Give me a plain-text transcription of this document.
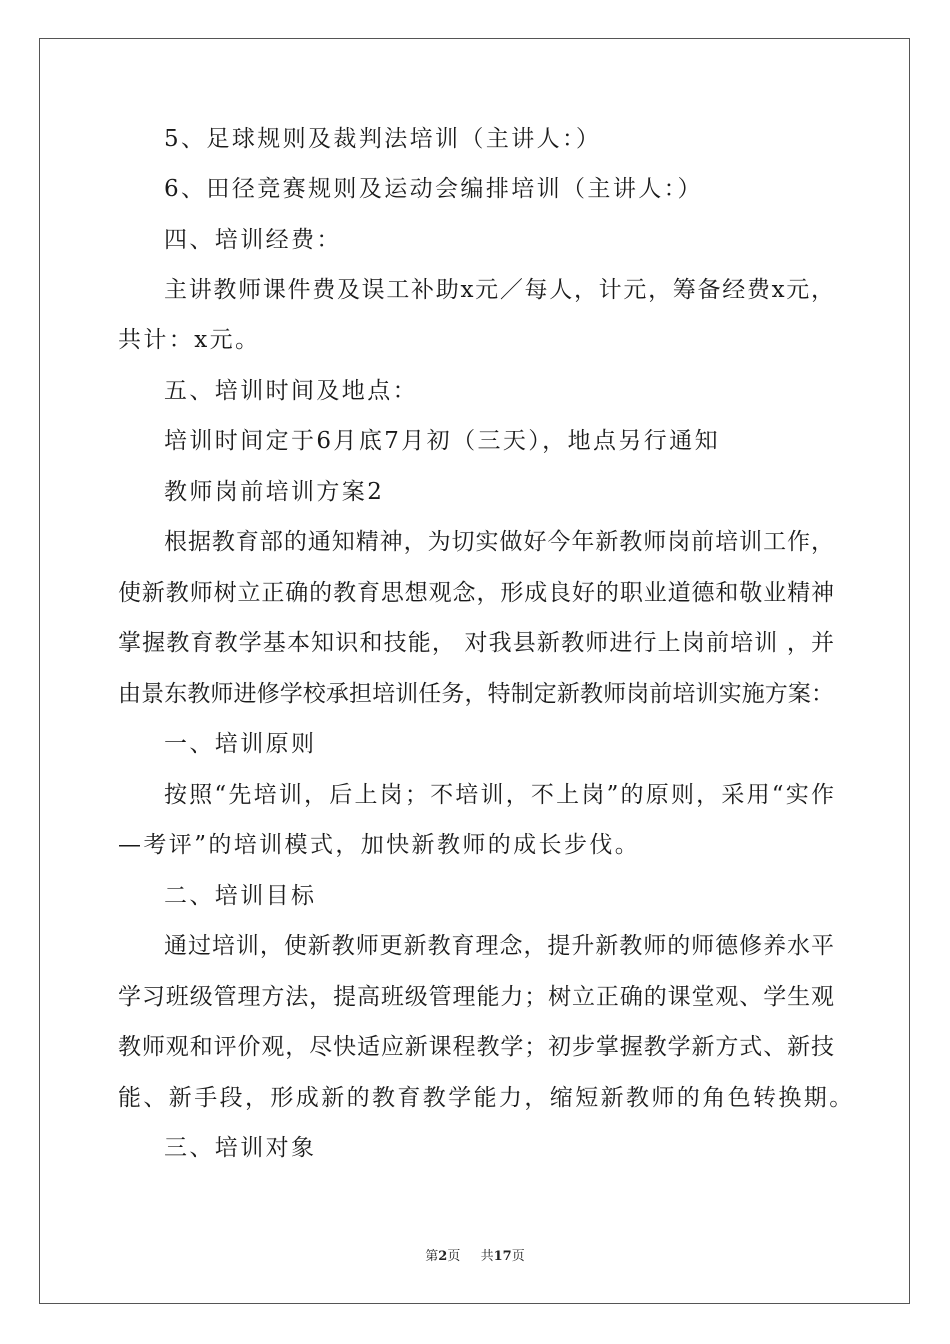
5、足球规则及裁判法培训（主讲人：）
6、田径竞赛规则及运动会编排培训（主讲人：）
四、培训经费：
主讲教师课件费及误工补助x元／每人，计元，筹备经费x元，
共计：x元。
五、培训时间及地点：
培训时间定于6月底7月初（三天），地点另行通知
教师岗前培训方案2
根据教育部的通知精神，为切实做好今年新教师岗前培训工作，
使新教师树立正确的教育思想观念，形成良好的职业道德和敬业精神
掌握教育教学基本知识和技能， 对我县新教师进行上岗前培训 ，并
由景东教师进修学校承担培训任务，特制定新教师岗前培训实施方案：
一、培训原则
按照“先培训，后上岗；不培训，不上岗”的原则，采用“实作
—考评”的培训模式，加快新教师的成长步伐。
二、培训目标
通过培训，使新教师更新教育理念，提升新教师的师德修养水平
学习班级管理方法，提高班级管理能力；树立正确的课堂观、学生观
教师观和评价观，尽快适应新课程教学；初步掌握教学新方式、新技
能、新手段，形成新的教育教学能力，缩短新教师的角色转换期。
三、培训对象
第2页 共17页
